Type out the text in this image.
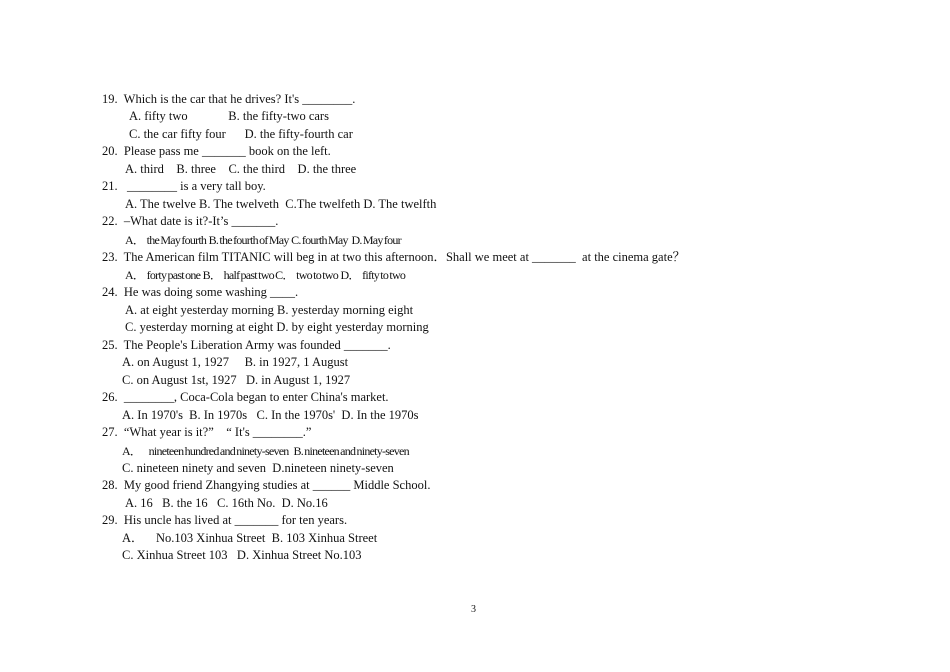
19.  Which is the car that he drives? It's ________.
A. fifty two             B. the fifty-two cars
C. the car fifty four      D. the fifty-fourth car
20.  Please pass me _______ book on the left.
A. third    B. three    C. the third    D. the three
21.   ________ is a very tall boy.
A. The twelve B. The twelveth  C.The twelfeth D. The twelfth
22.  –What date is it?-It’s _______.
A．  the May fourth  B. the fourth of May  C. fourth May   D. May four
23.  The American film TITANIC will beg in at two this afternoon．Shall we meet at _______  at the cinema gate？
A．  forty past one  B．  half past two C．  two to two  D．  fifty to two
24.  He was doing some washing ____.
A. at eight yesterday morning B. yesterday morning eight
C. yesterday morning at eight D. by eight yesterday morning
25.  The People's Liberation Army was founded _______.
A. on August 1, 1927     B. in 1927, 1 August
C. on August 1st, 1927   D. in August 1, 1927
26.  ________, Coca-Cola began to enter China's market.
A. In 1970's  B. In 1970s   C. In the 1970s'  D. In the 1970s
27.  “What year is it?”    “ It's ________.”
A．      nineteen hundred and ninety-seven    B. nineteen and ninety-seven
C. nineteen ninety and seven  D.nineteen ninety-seven
28.  My good friend Zhangying studies at ______ Middle School.
A. 16   B. the 16   C. 16th No.  D. No.16
29.  His uncle has lived at _______ for ten years.
A．    No.103 Xinhua Street  B. 103 Xinhua Street
C. Xinhua Street 103   D. Xinhua Street No.103
3
